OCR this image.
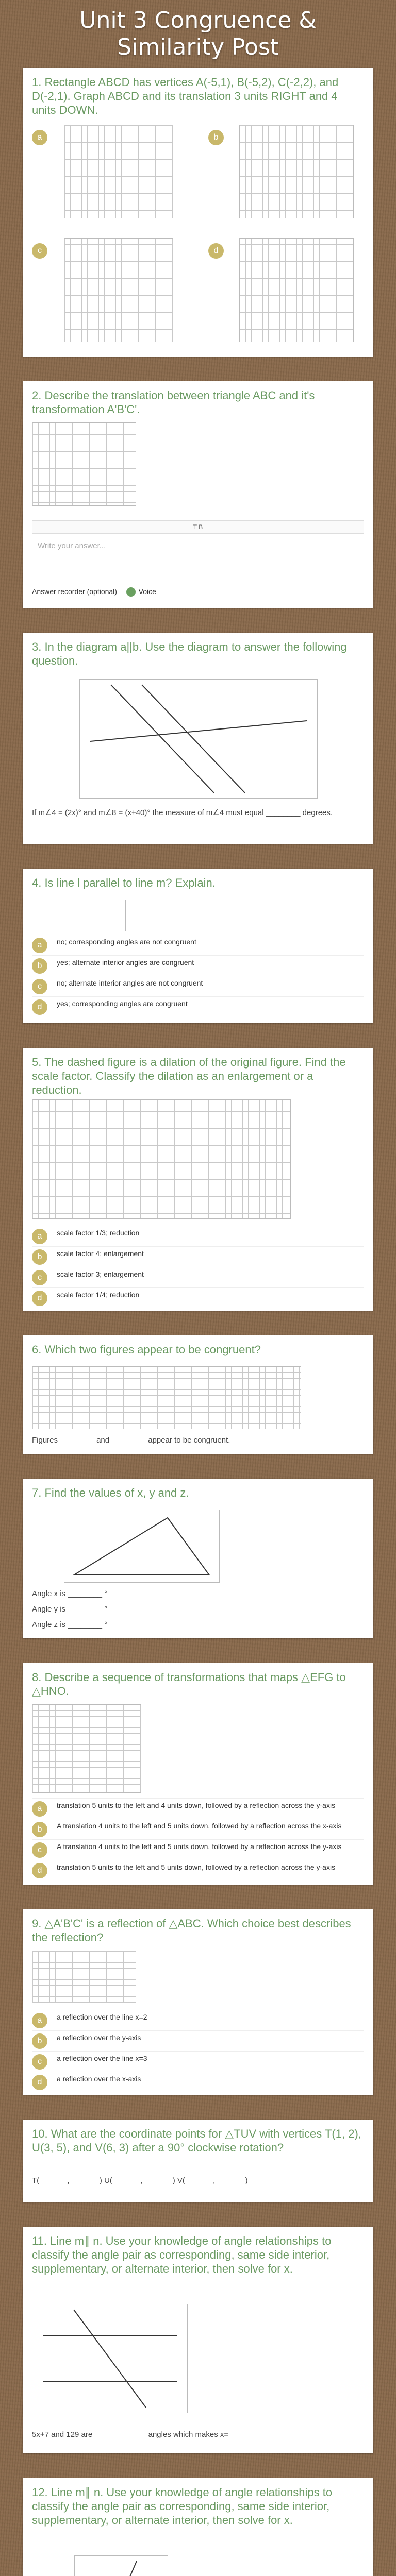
Unit 3 Congruence & Similarity Post
1. Rectangle ABCD has vertices A(-5,1), B(-5,2), C(-2,2), and D(-2,1). Graph ABCD and its translation 3 units RIGHT and 4 units DOWN.
a	b
c	d
2. Describe the translation between triangle ABC and it's transformation A'B'C'.
T B
Write your answer...
Answer recorder (optional) – Voice
3. In the diagram a||b. Use the diagram to answer the following question.
If m∠4 = (2x)° and m∠8 = (x+40)° the measure of m∠4 must equal ________ degrees.
4. Is line l parallel to line m? Explain.
a	no; corresponding angles are not congruent
b	yes; alternate interior angles are congruent
c	no; alternate interior angles are not congruent
d	yes; corresponding angles are congruent
5. The dashed figure is a dilation of the original figure. Find the scale factor. Classify the dilation as an enlargement or a reduction.
a	scale factor 1/3; reduction
b	scale factor 4; enlargement
c	scale factor 3; enlargement
d	scale factor 1/4; reduction
6. Which two figures appear to be congruent?
Figures ________ and ________ appear to be congruent.
7. Find the values of x, y and z.
Angle x is ________ °
Angle y is ________ °
Angle z is ________ °
8. Describe a sequence of transformations that maps △EFG to △HNO.
a	translation 5 units to the left and 4 units down, followed by a reflection across the y-axis
b	A translation 4 units to the left and 5 units down, followed by a reflection across the x-axis
c	A translation 4 units to the left and 5 units down, followed by a reflection across the y-axis
d	translation 5 units to the left and 5 units down, followed by a reflection across the y-axis
9. △A'B'C' is a reflection of △ABC. Which choice best describes the reflection?
a	a reflection over the line x=2
b	a reflection over the y-axis
c	a reflection over the line x=3
d	a reflection over the x-axis
10. What are the coordinate points for △TUV with vertices T(1, 2), U(3, 5), and V(6, 3) after a 90° clockwise rotation?
T(______ , ______ ) U(______ , ______ ) V(______ , ______ )
11. Line m∥ n. Use your knowledge of angle relationships to classify the angle pair as corresponding, same side interior, supplementary, or alternate interior, then solve for x.
5x+7 and 129 are ____________ angles which makes x= ________
12. Line m∥ n. Use your knowledge of angle relationships to classify the angle pair as corresponding, same side interior, supplementary, or alternate interior, then solve for x.
